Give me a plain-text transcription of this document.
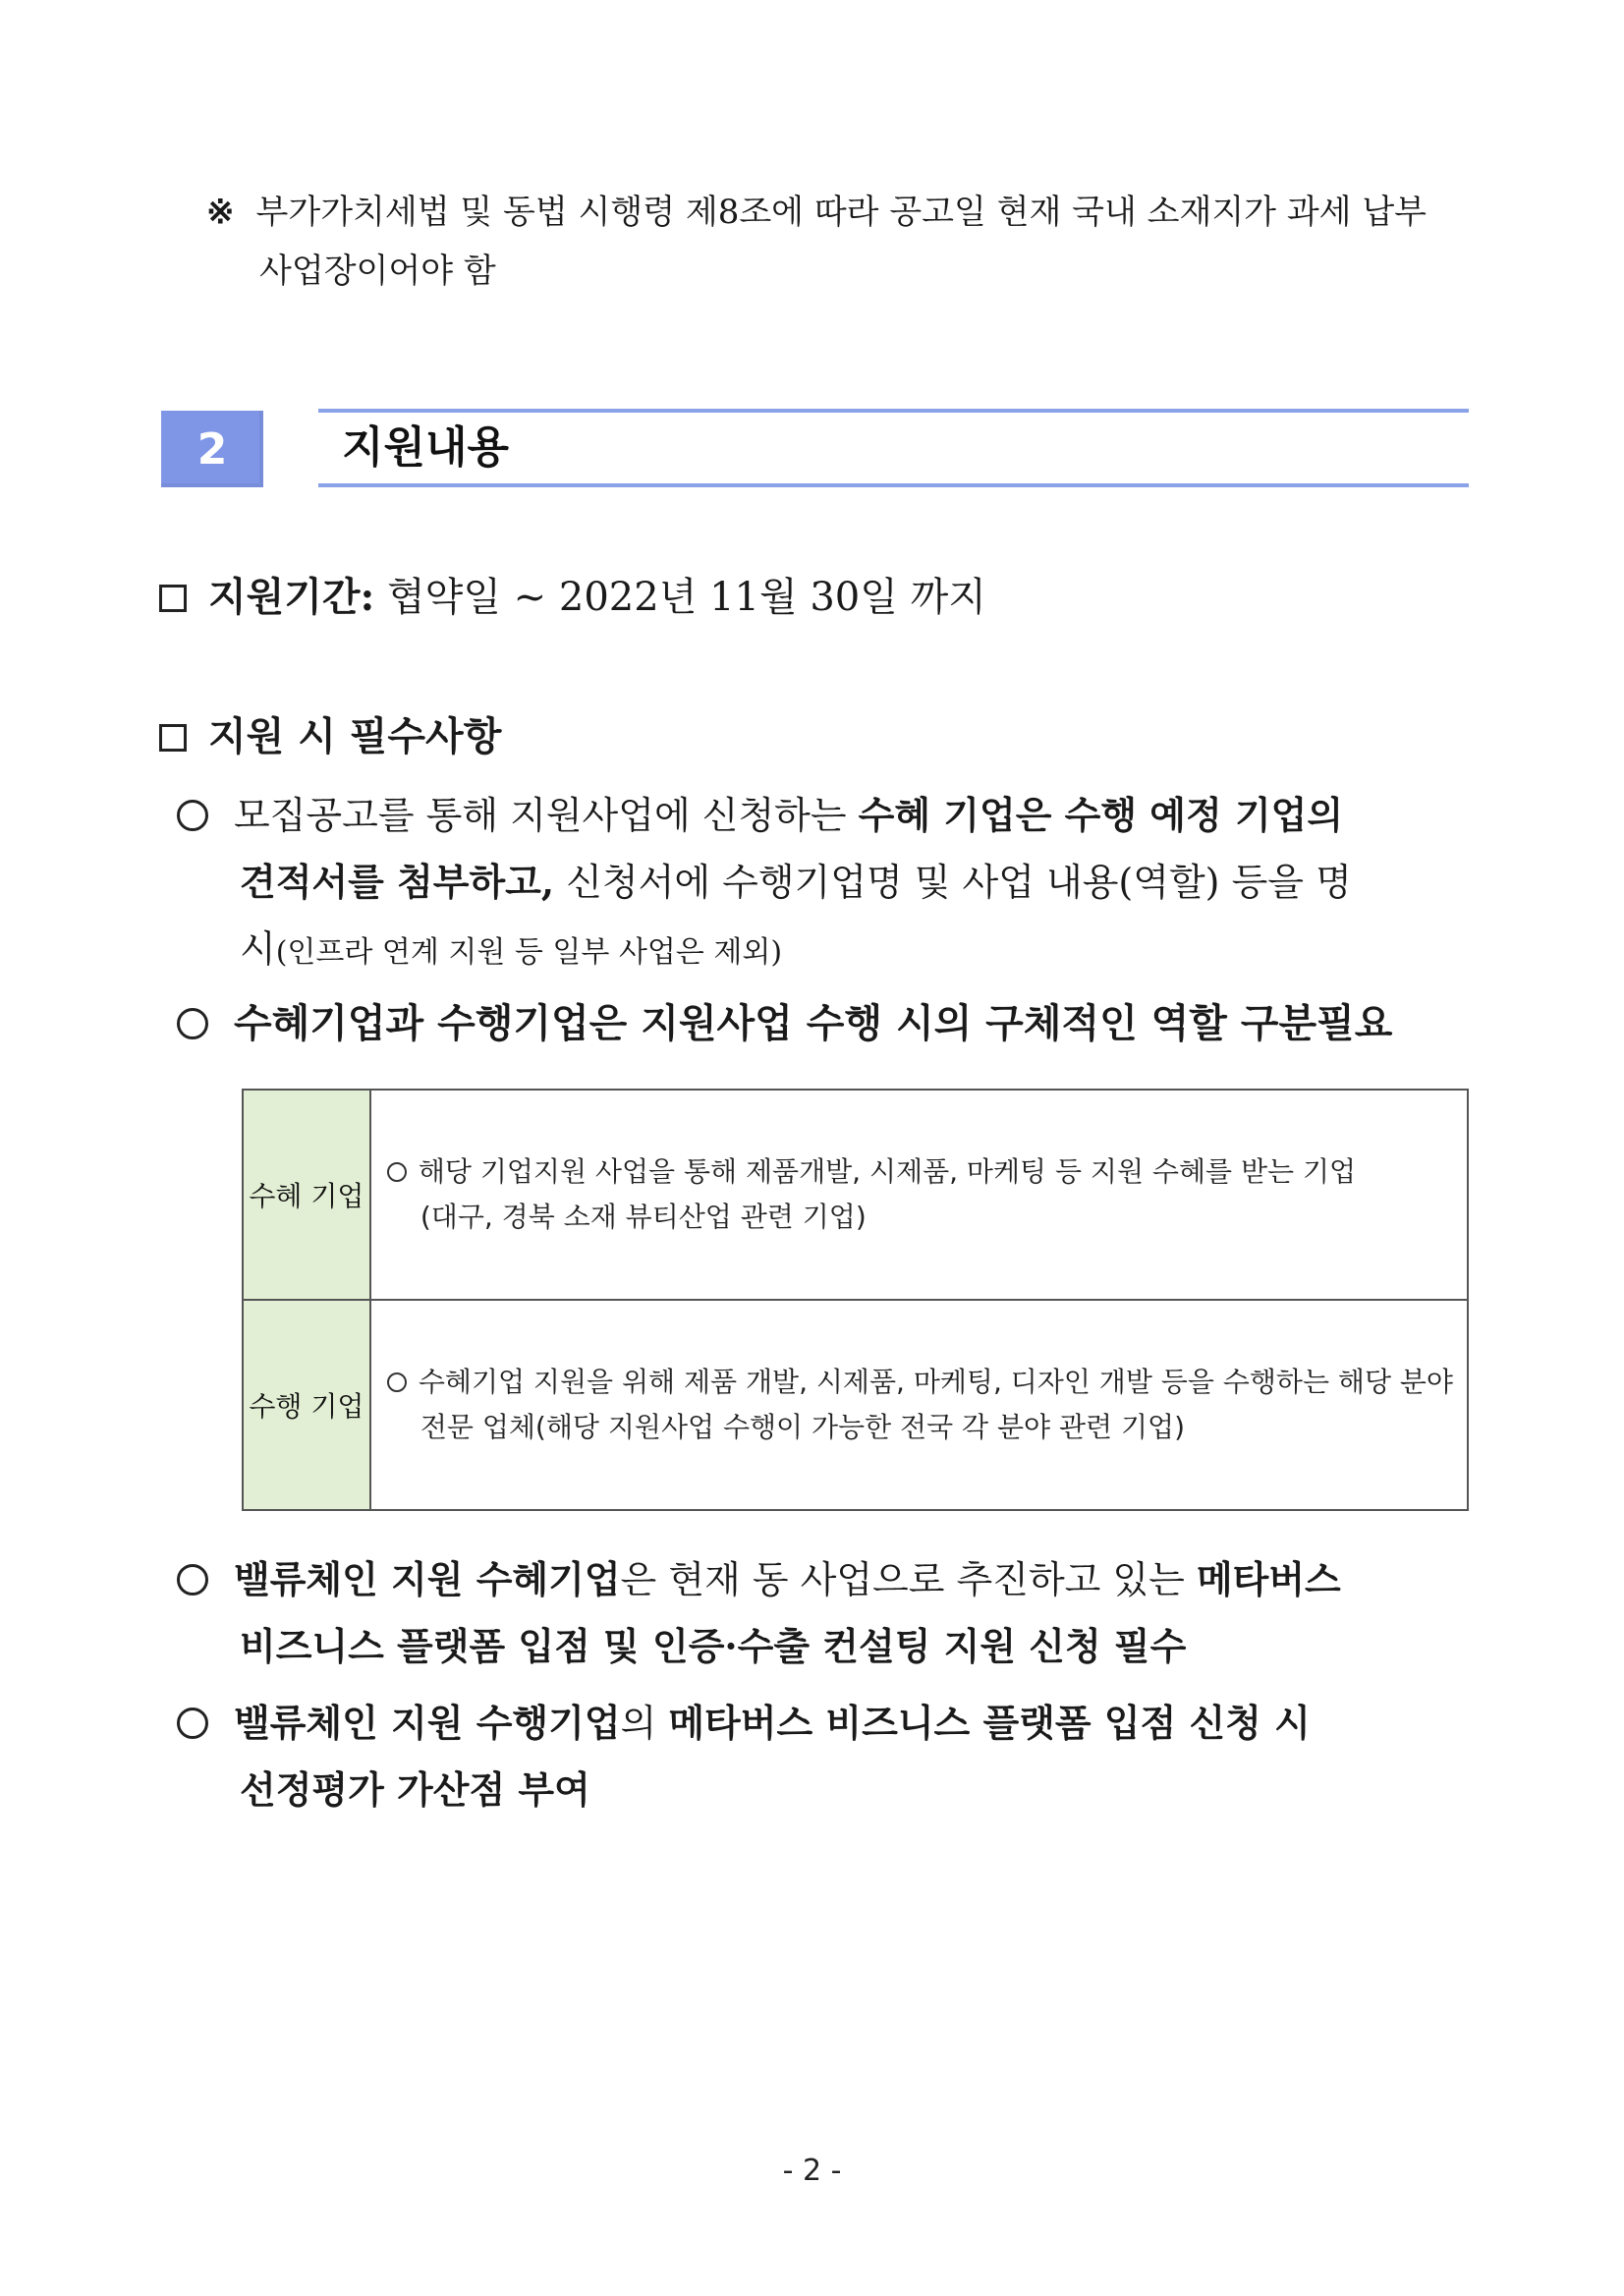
※ 부가가치세법 및 동법 시행령 제8조에 따라 공고일 현재 국내 소재지가 과세 납부
사업장이어야 함
2	지원내용
지원기간: 협약일 ~ 2022년 11월 30일 까지
지원 시 필수사항
모집공고를 통해 지원사업에 신청하는 수혜 기업은 수행 예정 기업의
견적서를 첨부하고, 신청서에 수행기업명 및 사업 내용(역할) 등을 명
시(인프라 연계 지원 등 일부 사업은 제외)
수혜기업과 수행기업은 지원사업 수행 시의 구체적인 역할 구분필요
수혜 기업	해당 기업지원 사업을 통해 제품개발, 시제품, 마케팅 등 지원 수혜를 받는 기업
(대구, 경북 소재 뷰티산업 관련 기업)

수행 기업	수혜기업 지원을 위해 제품 개발, 시제품, 마케팅, 디자인 개발 등을 수행하는 해당 분야
전문 업체(해당 지원사업 수행이 가능한 전국 각 분야 관련 기업)
밸류체인 지원 수혜기업은 현재 동 사업으로 추진하고 있는 메타버스
비즈니스 플랫폼 입점 및 인증·수출 컨설팅 지원 신청 필수
밸류체인 지원 수행기업의 메타버스 비즈니스 플랫폼 입점 신청 시
선정평가 가산점 부여
- 2 -
